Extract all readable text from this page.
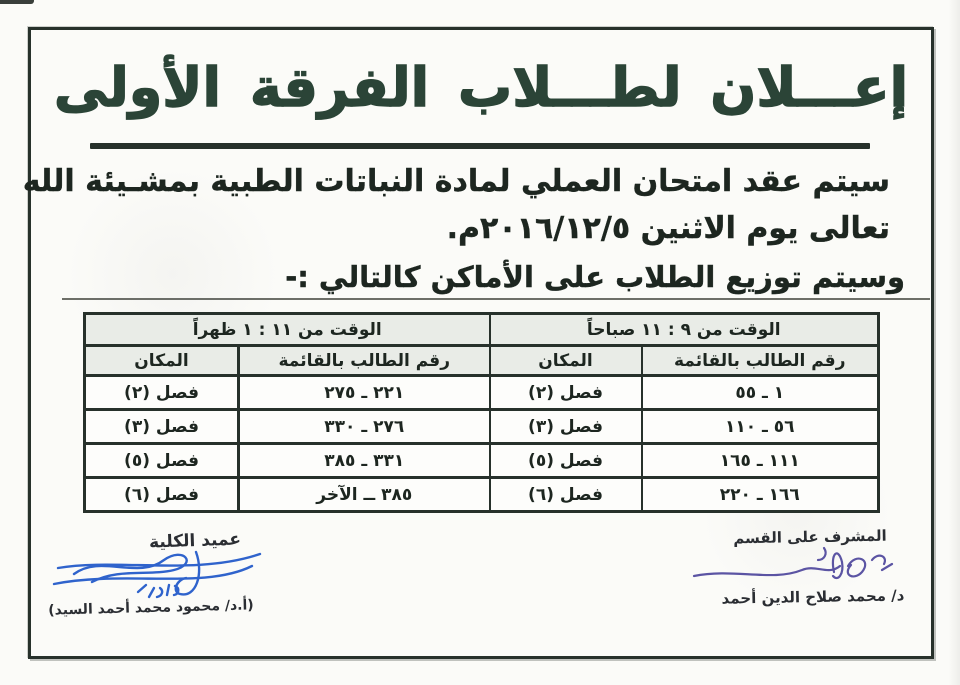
إعـــلان لطـــلاب الفرقة الأولى
سيتم عقد امتحان العملي لمادة النباتات الطبية بمشـيئة الله
تعالى يوم الاثنين ٢٠١٦/١٢/٥م.
وسيتم توزيع الطلاب على الأماكن كالتالي :-
الوقت من ٩ : ١١ صباحاً		الوقت من ١١ : ١ ظهراً	
رقم الطالب بالقائمة	المكان	رقم الطالب بالقائمة	المكان
١ ـ ٥٥	فصل (٢)	٢٢١ ـ ٢٧٥	فصل (٢)
٥٦ ـ ١١٠	فصل (٣)	٢٧٦ ـ ٣٣٠	فصل (٣)
١١١ ـ ١٦٥	فصل (٥)	٣٣١ ـ ٣٨٥	فصل (٥)
١٦٦ ـ ٢٢٠	فصل (٦)	٣٨٥ ــ الآخر	فصل (٦)
عميد الكلية
(أ.د/ محمود محمد أحمد السيد)
المشرف على القسم
د/ محمد صلاح الدين أحمد
